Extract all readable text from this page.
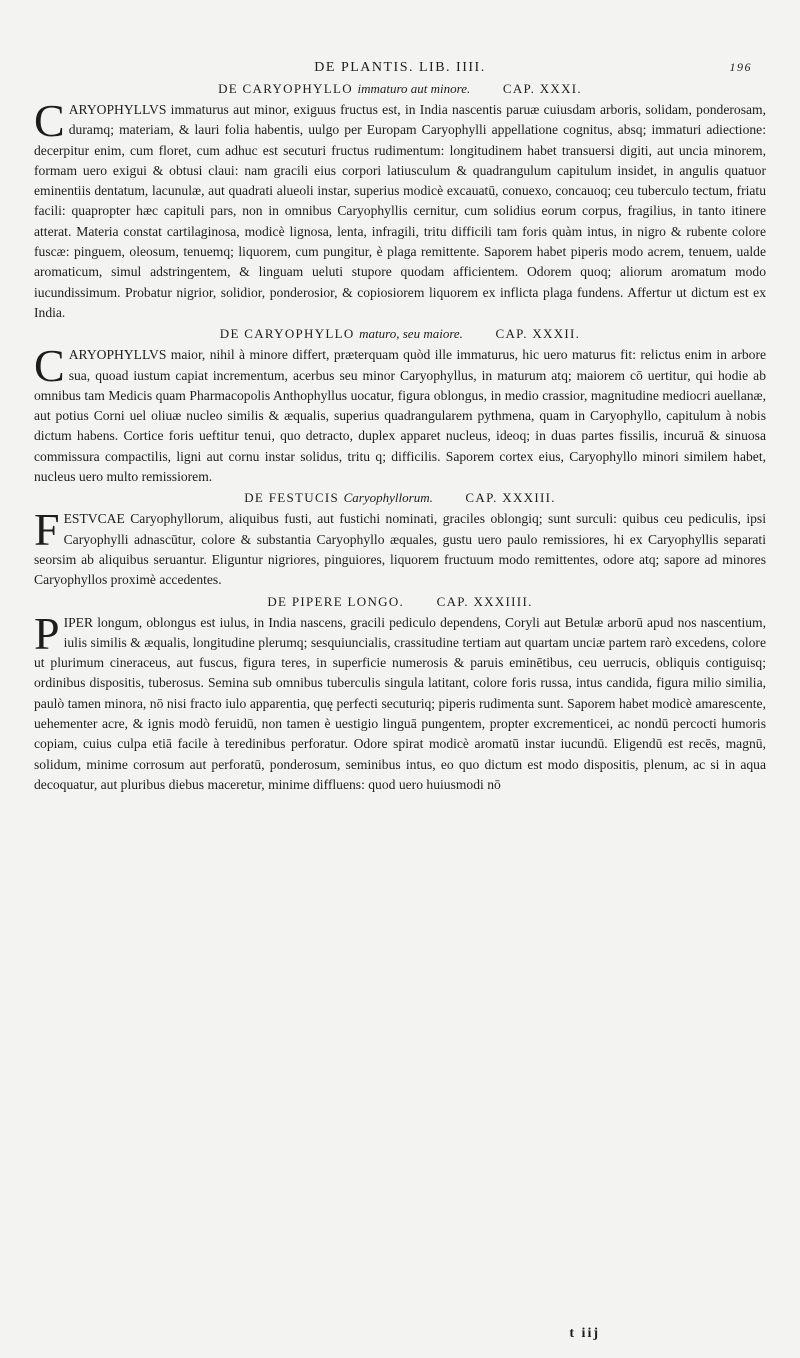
DE PLANTIS. LIB. IIII.	196
DE CARYOPHYLLO immaturo aut minore.	CAP. XXXI.

CARYOPHYLLVS immaturus aut minor, exiguus fructus est, in India nascentis paruæ cuiusdam arboris, solidam, ponderosam, duramq; materiam, & lauri folia habentis, uulgo per Europam Caryophylli appellatione cognitus, absq; immaturi adiectione: decerpitur enim, cum floret, cum adhuc est secuturi fructus rudimentum: longitudinem habet transuersi digiti, aut uncia minorem, formam uero exigui & obtusi claui: nam gracili eius corpori latiusculum & quadrangulum capitulum insidet, in angulis quatuor eminentiis dentatum, lacunulæ, aut quadrati alueoli instar, superius modicè excauatū, conuexo, concauoq; ceu tuberculo tectum, friatu facili: quapropter hæc capituli pars, non in omnibus Caryophyllis cernitur, cum solidius eorum corpus, fragilius, in tanto itinere atterat. Materia constat cartilaginosa, modicè lignosa, lenta, infragili, tritu difficili tam foris quàm intus, in nigro & rubente colore fuscæ: pinguem, oleosum, tenuemq; liquorem, cum pungitur, è plaga remittente. Saporem habet piperis modo acrem, tenuem, ualde aromaticum, simul adstringentem, & linguam ueluti stupore quodam afficientem. Odorem quoq; aliorum aromatum modo iucundissimum. Probatur nigrior, solidior, ponderosior, & copiosiorem liquorem ex inflicta plaga fundens. Affertur ut dictum est ex India.

DE CARYOPHYLLO maturo, seu maiore.	CAP. XXXII.

CARYOPHYLLVS maior, nihil à minore differt, præterquam quòd ille immaturus, hic uero maturus fit: relictus enim in arbore sua, quoad iustum capiat incrementum, acerbus seu minor Caryophyllus, in maturum atq; maiorem cō uertitur, qui hodie ab omnibus tam Medicis quam Pharmacopolis Anthophyllus uocatur, figura oblongus, in medio crassior, magnitudine mediocri auellanæ, aut potius Corni uel oliuæ nucleo similis & æqualis, superius quadrangularem pythmena, quam in Caryophyllo, capitulum à nobis dictum habens. Cortice foris ueftitur tenui, quo detracto, duplex apparet nucleus, ideoq; in duas partes fissilis, incuruā & sinuosa commissura compactilis, ligni aut cornu instar solidus, tritu q; difficilis. Saporem cortex eius, Caryophyllo minori similem habet, nucleus uero multo remissiorem.

DE FESTUCIS Caryophyllorum.	CAP. XXXIII.

FESTVCAE Caryophyllorum, aliquibus fusti, aut fustichi nominati, graciles oblongiq; sunt surculi: quibus ceu pediculis, ipsi Caryophylli adnascūtur, colore & substantia Caryophyllo æquales, gustu uero paulo remissiores, hi ex Caryophyllis separati seorsim ab aliquibus seruantur. Eliguntur nigriores, pinguiores, liquorem fructuum modo remittentes, odore atq; sapore ad minores Caryophyllos proximè accedentes.

DE PIPERE LONGO.	CAP. XXXIIII.

PIPER longum, oblongus est iulus, in India nascens, gracili pediculo dependens, Coryli aut Betulæ arborū apud nos nascentium, iulis similis & æqualis, longitudine plerumq; sesquiuncialis, crassitudine tertiam aut quartam unciæ partem rarò excedens, colore ut plurimum cineraceus, aut fuscus, figura teres, in superficie numerosis & paruis eminētibus, ceu uerrucis, obliquis contiguisq; ordinibus dispositis, tuberosus. Semina sub omnibus tuberculis singula latitant, colore foris russa, intus candida, figura milio similia, paulò tamen minora, nō nisi fracto iulo apparentia, quę perfecti secuturiq; piperis rudimenta sunt. Saporem habet modicè amarescente, uehementer acre, & ignis modò feruidū, non tamen è uestigio linguā pungentem, propter excrementicei, ac nondū percocti humoris copiam, cuius culpa etiā facile à teredinibus perforatur. Odore spirat modicè aromatū instar iucundū. Eligendū est recēs, magnū, solidum, minime corrosum aut perforatū, ponderosum, seminibus intus, eo quo dictum est modo dispositis, plenum, ac si in aqua decoquatur, aut pluribus diebus maceretur, minime diffluens: quod uero huiusmodi nō

t iij
